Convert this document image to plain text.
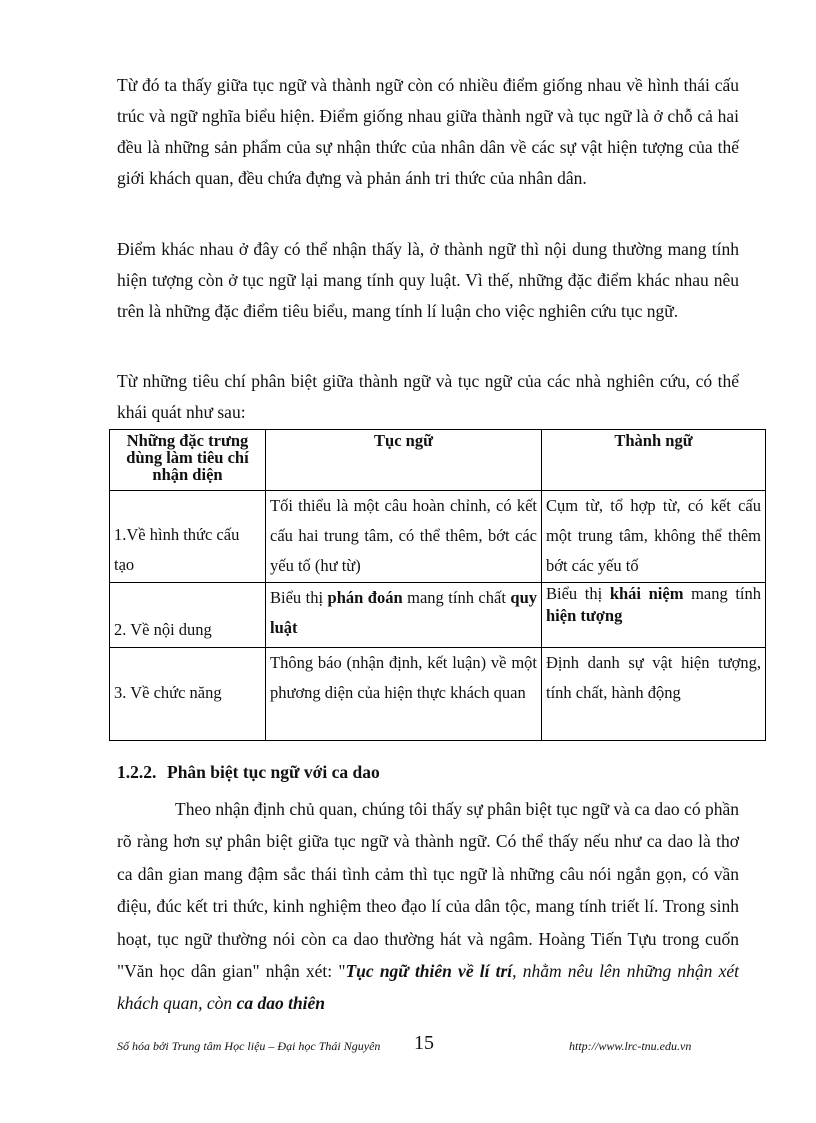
Từ đó ta thấy giữa tục ngữ và thành ngữ còn có nhiều điểm giống nhau về hình thái cấu trúc và ngữ nghĩa biểu hiện. Điểm giống nhau giữa thành ngữ và tục ngữ là ở chỗ cả hai đều là những sản phẩm của sự nhận thức của nhân dân về các sự vật hiện tượng của thế giới khách quan, đều chứa đựng và phản ánh tri thức của nhân dân.

Điểm khác nhau ở đây có thể nhận thấy là, ở thành ngữ thì nội dung thường mang tính hiện tượng còn ở tục ngữ lại mang tính quy luật. Vì thế, những đặc điểm khác nhau nêu trên là những đặc điểm tiêu biểu, mang tính lí luận cho việc nghiên cứu tục ngữ.

Từ những tiêu chí phân biệt giữa thành ngữ và tục ngữ của các nhà nghiên cứu, có thể khái quát như sau:

Những đặc trưng dùng làm tiêu chí nhận diện	Tục ngữ	Thành ngữ
1.Về hình thức cấu tạo	Tối thiểu là một câu hoàn chỉnh, có kết cấu hai trung tâm, có thể thêm, bớt các yếu tố (hư từ)	Cụm từ, tổ hợp từ, có kết cấu một trung tâm, không thể thêm bớt các yếu tố
2. Về nội dung	Biểu thị phán đoán mang tính chất quy luật	Biểu thị khái niệm mang tính hiện tượng

3. Về chức năng	Thông báo (nhận định, kết luận) về một phương diện của hiện thực khách quan	Định danh sự vật hiện tượng, tính chất, hành động
1.2.2. Phân biệt tục ngữ với ca dao

Theo nhận định chủ quan, chúng tôi thấy sự phân biệt tục ngữ và ca dao có phần rõ ràng hơn sự phân biệt giữa tục ngữ và thành ngữ. Có thể thấy nếu như ca dao là thơ ca dân gian mang đậm sắc thái tình cảm thì tục ngữ là những câu nói ngắn gọn, có vần điệu, đúc kết tri thức, kinh nghiệm theo đạo lí của dân tộc, mang tính triết lí. Trong sinh hoạt, tục ngữ thường nói còn ca dao thường hát và ngâm. Hoàng Tiến Tựu trong cuốn "Văn học dân gian" nhận xét: "Tục ngữ thiên về lí trí, nhằm nêu lên những nhận xét khách quan, còn ca dao thiên

Số hóa bởi Trung tâm Học liệu – Đại học Thái Nguyên 15	http://www.lrc-tnu.edu.vn
